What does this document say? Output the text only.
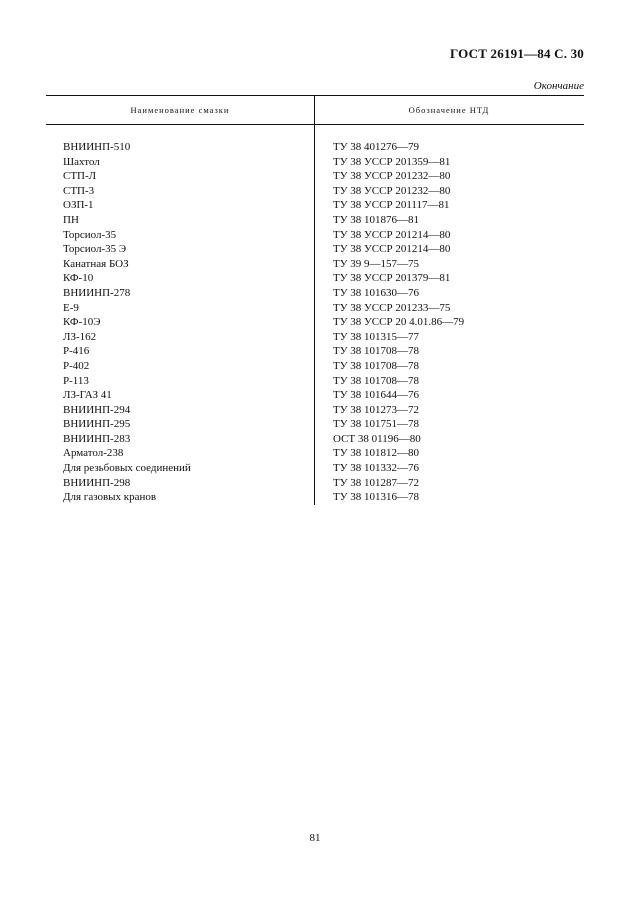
ГОСТ 26191—84 С. 30
Окончание
Наименование смазки	Обозначение НТД
ВНИИНП-510	ТУ 38 401276—79
Шахтол	ТУ 38 УССР 201359—81
СТП-Л	ТУ 38 УССР 201232—80
СТП-3	ТУ 38 УССР 201232—80
ОЗП-1	ТУ 38 УССР 201117—81
ПН	ТУ 38 101876—81
Торсиол-35	ТУ 38 УССР 201214—80
Торсиол-35 Э	ТУ 38 УССР 201214—80
Канатная БОЗ	ТУ 39 9—157—75
КФ-10	ТУ 38 УССР 201379—81
ВНИИНП-278	ТУ 38 101630—76
Е-9	ТУ 38 УССР 201233—75
КФ-10Э	ТУ 38 УССР 20 4.01.86—79
ЛЗ-162	ТУ 38 101315—77
Р-416	ТУ 38 101708—78
Р-402	ТУ 38 101708—78
Р-113	ТУ 38 101708—78
ЛЗ-ГАЗ 41	ТУ 38 101644—76
ВНИИНП-294	ТУ 38 101273—72
ВНИИНП-295	ТУ 38 101751—78
ВНИИНП-283	ОСТ 38 01196—80
Арматол-238	ТУ 38 101812—80
Для резьбовых соединений	ТУ 38 101332—76
ВНИИНП-298	ТУ 38 101287—72
Для газовых кранов	ТУ 38 101316—78
81
